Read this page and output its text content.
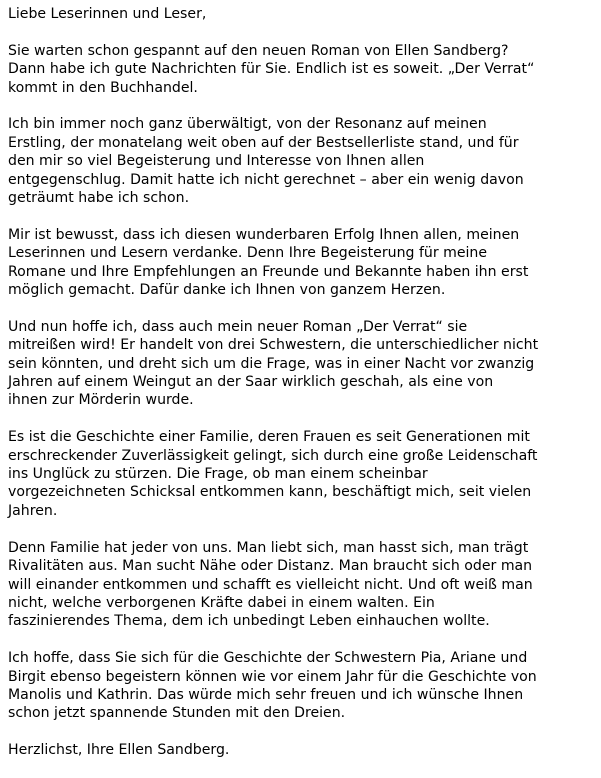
Liebe Leserinnen und Leser,

Sie warten schon gespannt auf den neuen Roman von Ellen Sandberg?
Dann habe ich gute Nachrichten für Sie. Endlich ist es soweit. „Der Verrat“
kommt in den Buchhandel.

Ich bin immer noch ganz überwältigt, von der Resonanz auf meinen
Erstling, der monatelang weit oben auf der Bestsellerliste stand, und für
den mir so viel Begeisterung und Interesse von Ihnen allen
entgegenschlug. Damit hatte ich nicht gerechnet – aber ein wenig davon
geträumt habe ich schon.

Mir ist bewusst, dass ich diesen wunderbaren Erfolg Ihnen allen, meinen
Leserinnen und Lesern verdanke. Denn Ihre Begeisterung für meine
Romane und Ihre Empfehlungen an Freunde und Bekannte haben ihn erst
möglich gemacht. Dafür danke ich Ihnen von ganzem Herzen.

Und nun hoffe ich, dass auch mein neuer Roman „Der Verrat“ sie
mitreißen wird! Er handelt von drei Schwestern, die unterschiedlicher nicht
sein könnten, und dreht sich um die Frage, was in einer Nacht vor zwanzig
Jahren auf einem Weingut an der Saar wirklich geschah, als eine von
ihnen zur Mörderin wurde.

Es ist die Geschichte einer Familie, deren Frauen es seit Generationen mit
erschreckender Zuverlässigkeit gelingt, sich durch eine große Leidenschaft
ins Unglück zu stürzen. Die Frage, ob man einem scheinbar
vorgezeichneten Schicksal entkommen kann, beschäftigt mich, seit vielen
Jahren.

Denn Familie hat jeder von uns. Man liebt sich, man hasst sich, man trägt
Rivalitäten aus. Man sucht Nähe oder Distanz. Man braucht sich oder man
will einander entkommen und schafft es vielleicht nicht. Und oft weiß man
nicht, welche verborgenen Kräfte dabei in einem walten. Ein
faszinierendes Thema, dem ich unbedingt Leben einhauchen wollte.

Ich hoffe, dass Sie sich für die Geschichte der Schwestern Pia, Ariane und
Birgit ebenso begeistern können wie vor einem Jahr für die Geschichte von
Manolis und Kathrin. Das würde mich sehr freuen und ich wünsche Ihnen
schon jetzt spannende Stunden mit den Dreien.

Herzlichst, Ihre Ellen Sandberg.
